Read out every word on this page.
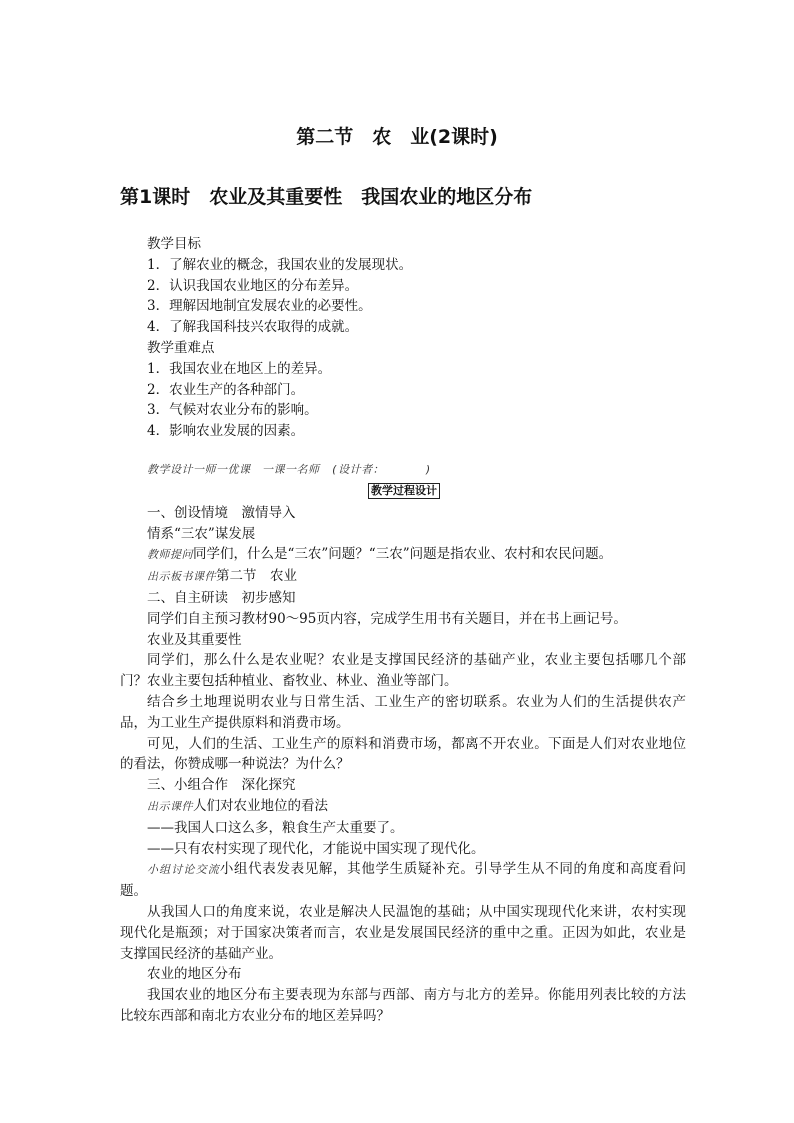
第二节　农　业(2课时)
第1课时　农业及其重要性　我国农业的地区分布

教学目标

1．了解农业的概念，我国农业的发展现状。

2．认识我国农业地区的分布差异。

3．理解因地制宜发展农业的必要性。

4．了解我国科技兴农取得的成就。

教学重难点

1．我国农业在地区上的差异。

2．农业生产的各种部门。

3．气候对农业分布的影响。

4．影响农业发展的因素。

教学设计一师一优课　一课一名师　(设计者：　　　　)

教学过程设计

一、创设情境　激情导入

情系“三农”谋发展

教师提问同学们，什么是“三农”问题？“三农”问题是指农业、农村和农民问题。

出示板书课件第二节　农业

二、自主研读　初步感知

同学们自主预习教材90～95页内容，完成学生用书有关题目，并在书上画记号。

农业及其重要性

同学们，那么什么是农业呢？农业是支撑国民经济的基础产业，农业主要包括哪几个部门？农业主要包括种植业、畜牧业、林业、渔业等部门。

结合乡土地理说明农业与日常生活、工业生产的密切联系。农业为人们的生活提供农产品，为工业生产提供原料和消费市场。

可见，人们的生活、工业生产的原料和消费市场，都离不开农业。下面是人们对农业地位的看法，你赞成哪一种说法？为什么？

三、小组合作　深化探究

出示课件人们对农业地位的看法

——我国人口这么多，粮食生产太重要了。

——只有农村实现了现代化，才能说中国实现了现代化。

小组讨论交流小组代表发表见解，其他学生质疑补充。引导学生从不同的角度和高度看问题。

从我国人口的角度来说，农业是解决人民温饱的基础；从中国实现现代化来讲，农村实现现代化是瓶颈；对于国家决策者而言，农业是发展国民经济的重中之重。正因为如此，农业是支撑国民经济的基础产业。

农业的地区分布

我国农业的地区分布主要表现为东部与西部、南方与北方的差异。你能用列表比较的方法比较东西部和南北方农业分布的地区差异吗？
